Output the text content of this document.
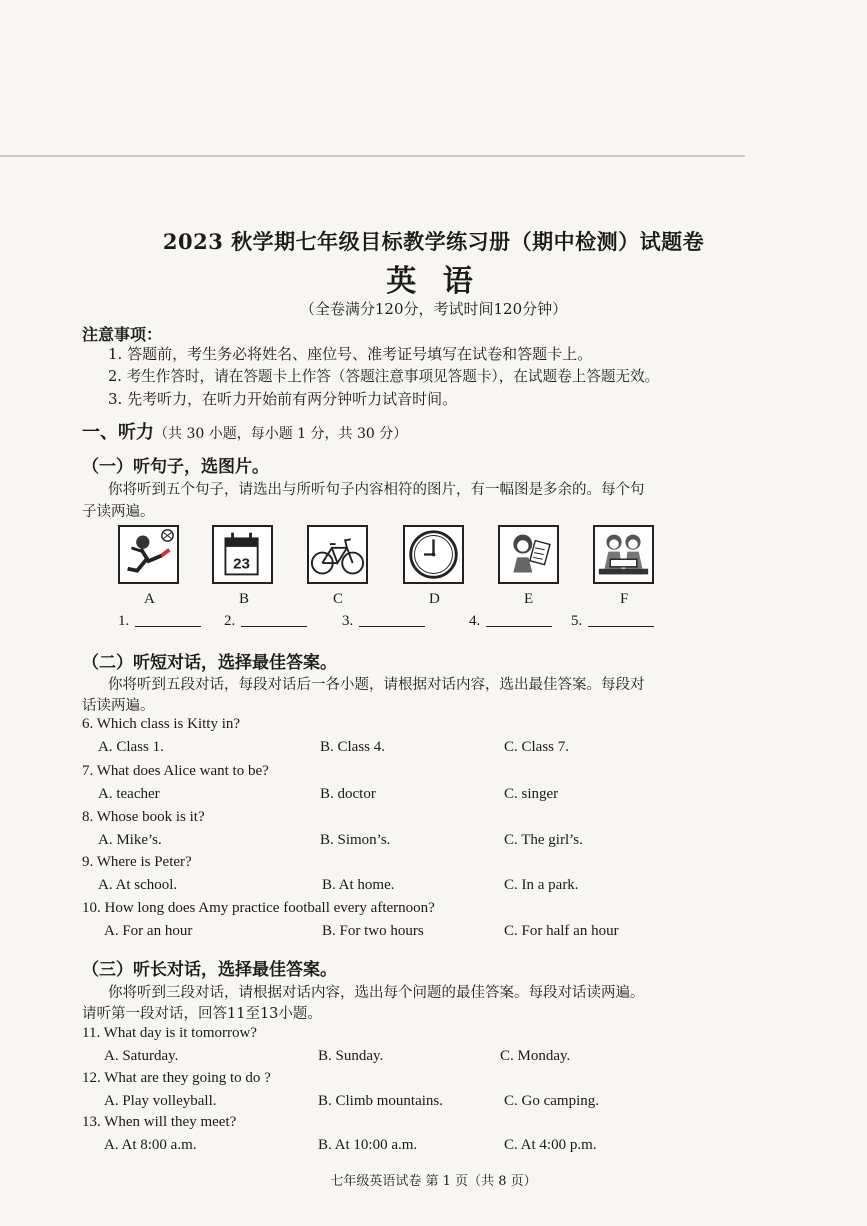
2023 秋学期七年级目标教学练习册（期中检测）试题卷
英 语
（全卷满分120分，考试时间120分钟）
注意事项：
1. 答题前，考生务必将姓名、座位号、准考证号填写在试卷和答题卡上。
2. 考生作答时，请在答题卡上作答（答题注意事项见答题卡），在试题卷上答题无效。
3. 先考听力，在听力开始前有两分钟听力试音时间。
一、听力（共 30 小题，每小题 1 分，共 30 分）
（一）听句子，选图片。
你将听到五个句子，请选出与所听句子内容相符的图片，有一幅图是多余的。每个句
子读两遍。
23
A	B	C	D	E	F
1.	2.	3.	4.	5.
（二）听短对话，选择最佳答案。
你将听到五段对话，每段对话后一各小题，请根据对话内容，选出最佳答案。每段对
话读两遍。
6. Which class is Kitty in?
A. Class 1.	B. Class 4.	C. Class 7.
7. What does Alice want to be?
A. teacher	B. doctor	C. singer
8. Whose book is it?
A. Mike’s.	B. Simon’s.	C. The girl’s.
9. Where is Peter?
A. At school.	B. At home.	C. In a park.
10. How long does Amy practice football every afternoon?
A. For an hour	B. For two hours	C. For half an hour
（三）听长对话，选择最佳答案。
你将听到三段对话，请根据对话内容，选出每个问题的最佳答案。每段对话读两遍。
请听第一段对话，回答11至13小题。
11. What day is it tomorrow?
A. Saturday.	B. Sunday.	C. Monday.
12. What are they going to do ?
A. Play volleyball.	B. Climb mountains.	C. Go camping.
13. When will they meet?
A. At 8:00 a.m.	B. At 10:00 a.m.	C. At 4:00 p.m.
七年级英语试卷 第 1 页（共 8 页）
